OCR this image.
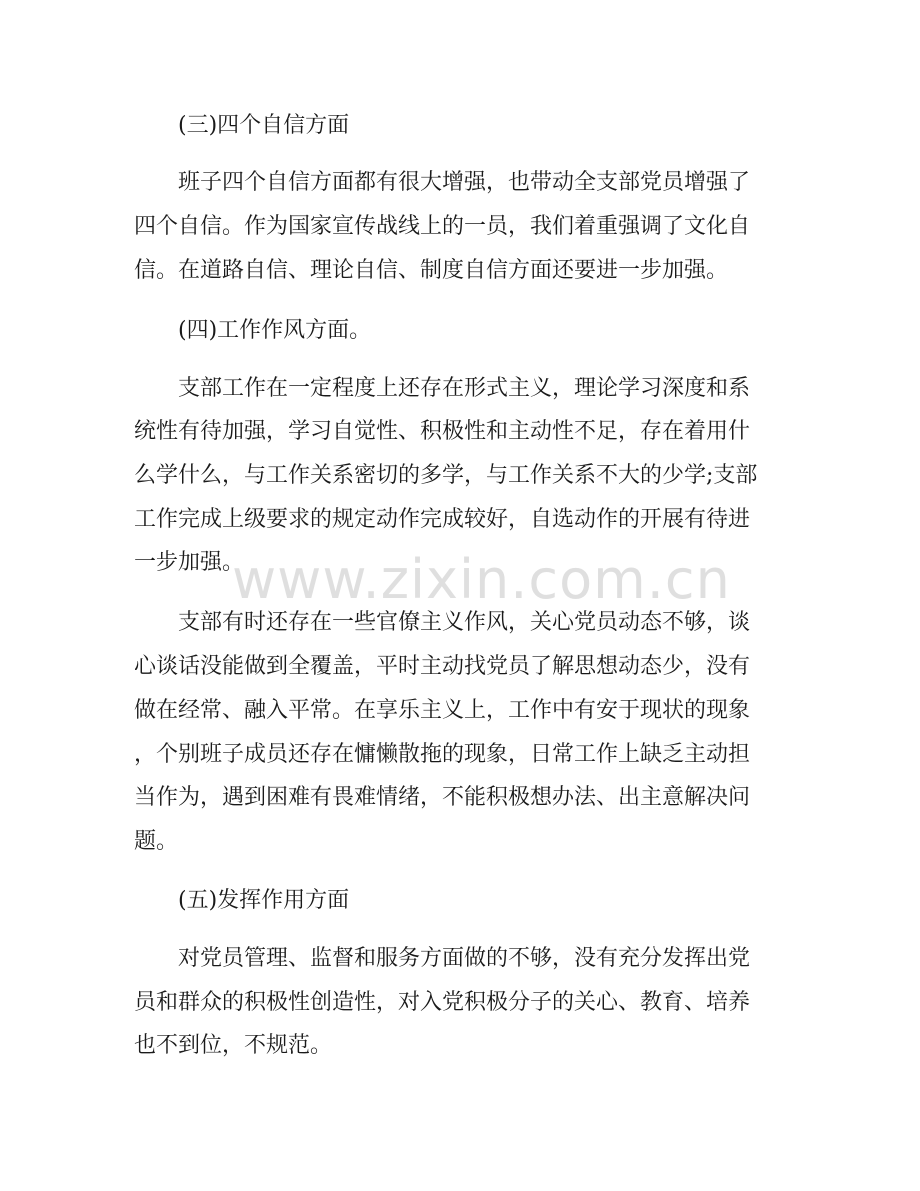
(三)四个自信方面
班子四个自信方面都有很大增强，也带动全支部党员增强了
四个自信。作为国家宣传战线上的一员，我们着重强调了文化自
信。在道路自信、理论自信、制度自信方面还要进一步加强。
(四)工作作风方面。
支部工作在一定程度上还存在形式主义，理论学习深度和系
统性有待加强，学习自觉性、积极性和主动性不足，存在着用什
么学什么，与工作关系密切的多学，与工作关系不大的少学;支部
工作完成上级要求的规定动作完成较好，自选动作的开展有待进
一步加强。
支部有时还存在一些官僚主义作风，关心党员动态不够，谈
心谈话没能做到全覆盖，平时主动找党员了解思想动态少，没有
做在经常、融入平常。在享乐主义上，工作中有安于现状的现象
，个别班子成员还存在慵懒散拖的现象，日常工作上缺乏主动担
当作为，遇到困难有畏难情绪，不能积极想办法、出主意解决问
题。
(五)发挥作用方面
对党员管理、监督和服务方面做的不够，没有充分发挥出党
员和群众的积极性创造性，对入党积极分子的关心、教育、培养
也不到位，不规范。
www.zixin.com.cn
